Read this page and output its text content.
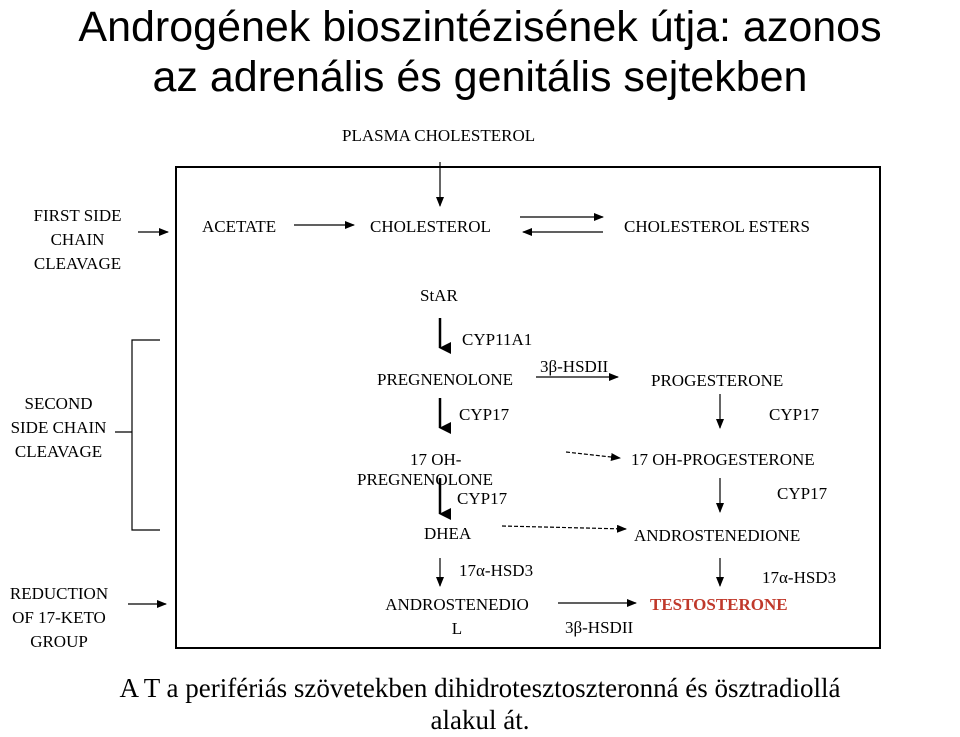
Androgének bioszintézisének útja: azonos
az adrenális és genitális sejtekben
PLASMA CHOLESTEROL
FIRST SIDE
CHAIN
CLEAVAGE
SECOND
SIDE CHAIN
CLEAVAGE
REDUCTION
OF 17-KETO
GROUP
ACETATE	CHOLESTEROL	CHOLESTEROL ESTERS
StAR
CYP11A1
PREGNENOLONE
3β-HSDII
PROGESTERONE
CYP17	CYP17
17 OH-
PREGNENOLONE
17 OH-PROGESTERONE
CYP17	CYP17
DHEA	ANDROSTENEDIONE
17α-HSD3	17α-HSD3
ANDROSTENEDIO
L
TESTOSTERONE
3β-HSDII
A T a perifériás szövetekben dihidrotesztoszteronná és ösztradiollá
alakul át.
